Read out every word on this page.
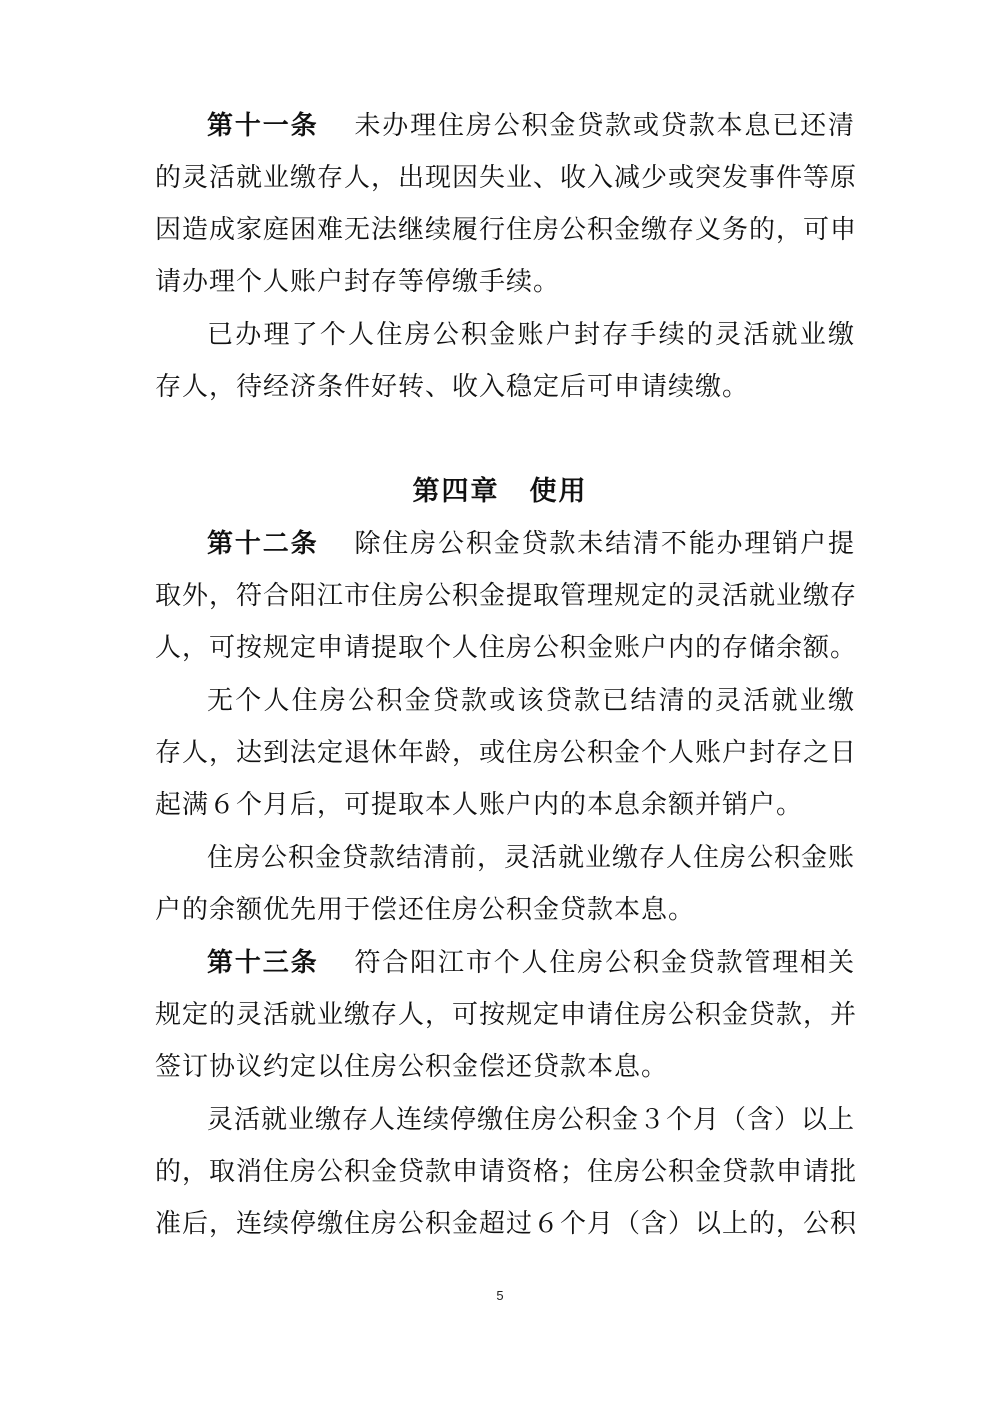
第十一条 未办理住房公积金贷款或贷款本息已还清
的灵活就业缴存人，出现因失业、收入减少或突发事件等原
因造成家庭困难无法继续履行住房公积金缴存义务的，可申
请办理个人账户封存等停缴手续。
已办理了个人住房公积金账户封存手续的灵活就业缴
存人，待经济条件好转、收入稳定后可申请续缴。
第四章 使用
第十二条 除住房公积金贷款未结清不能办理销户提
取外，符合阳江市住房公积金提取管理规定的灵活就业缴存
人，可按规定申请提取个人住房公积金账户内的存储余额。
无个人住房公积金贷款或该贷款已结清的灵活就业缴
存人，达到法定退休年龄，或住房公积金个人账户封存之日
起满６个月后，可提取本人账户内的本息余额并销户。
住房公积金贷款结清前，灵活就业缴存人住房公积金账
户的余额优先用于偿还住房公积金贷款本息。
第十三条 符合阳江市个人住房公积金贷款管理相关
规定的灵活就业缴存人，可按规定申请住房公积金贷款，并
签订协议约定以住房公积金偿还贷款本息。
灵活就业缴存人连续停缴住房公积金３个月（含）以上
的，取消住房公积金贷款申请资格；住房公积金贷款申请批
准后，连续停缴住房公积金超过６个月（含）以上的，公积
5
